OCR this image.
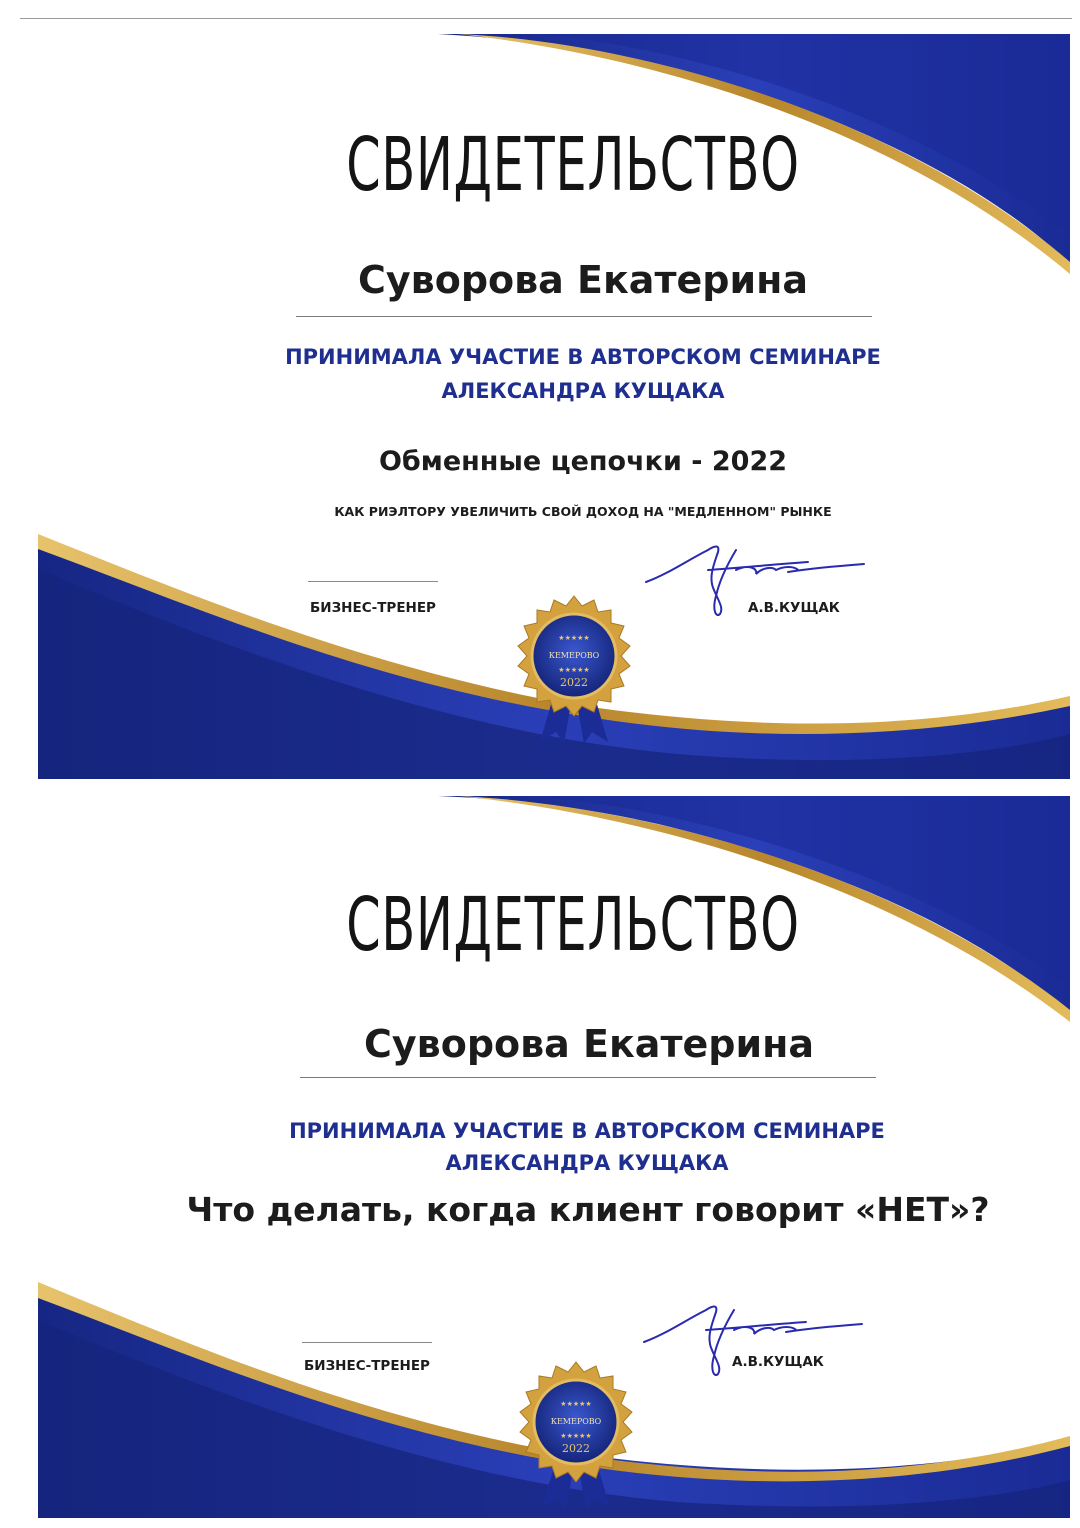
СВИДЕТЕЛЬСТВО
Суворова Екатерина
ПРИНИМАЛА УЧАСТИЕ В АВТОРСКОМ СЕМИНАРЕ
АЛЕКСАНДРА КУЩАКА
Обменные цепочки - 2022
КАК РИЭЛТОРУ УВЕЛИЧИТЬ СВОЙ ДОХОД НА "МЕДЛЕННОМ" РЫНКЕ
БИЗНЕС-ТРЕНЕР	А.В.КУЩАК
★★★★★
КЕМЕРОВО
★★★★★
2022
СВИДЕТЕЛЬСТВО
Суворова Екатерина
ПРИНИМАЛА УЧАСТИЕ В АВТОРСКОМ СЕМИНАРЕ
АЛЕКСАНДРА КУЩАКА
Что делать, когда клиент говорит «НЕТ»?
БИЗНЕС-ТРЕНЕР	А.В.КУЩАК
★★★★★
КЕМЕРОВО
★★★★★
2022
